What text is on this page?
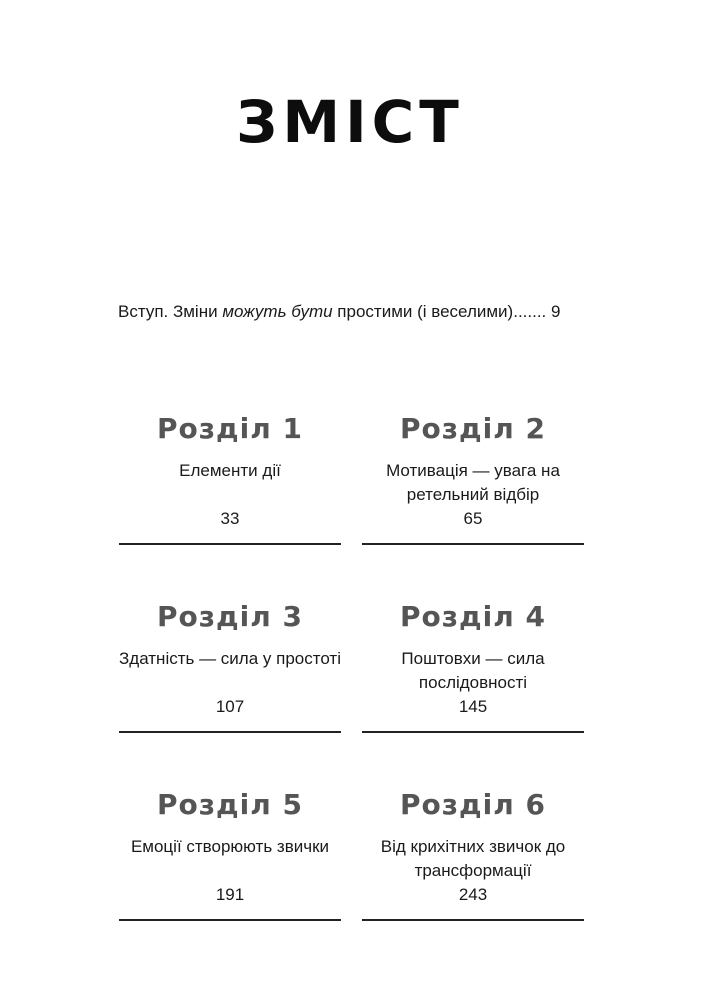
ЗМІСТ
Вступ. Зміни можуть бути простими (і веселими)....... 9
Розділ 1
Елементи дії
33
Розділ 2
Мотивація — увага на ретельний відбір
65
Розділ 3
Здатність — сила у простоті
107
Розділ 4
Поштовхи — сила послідовності
145
Розділ 5
Емоції створюють звички
191
Розділ 6
Від крихітних звичок до трансформації
243
